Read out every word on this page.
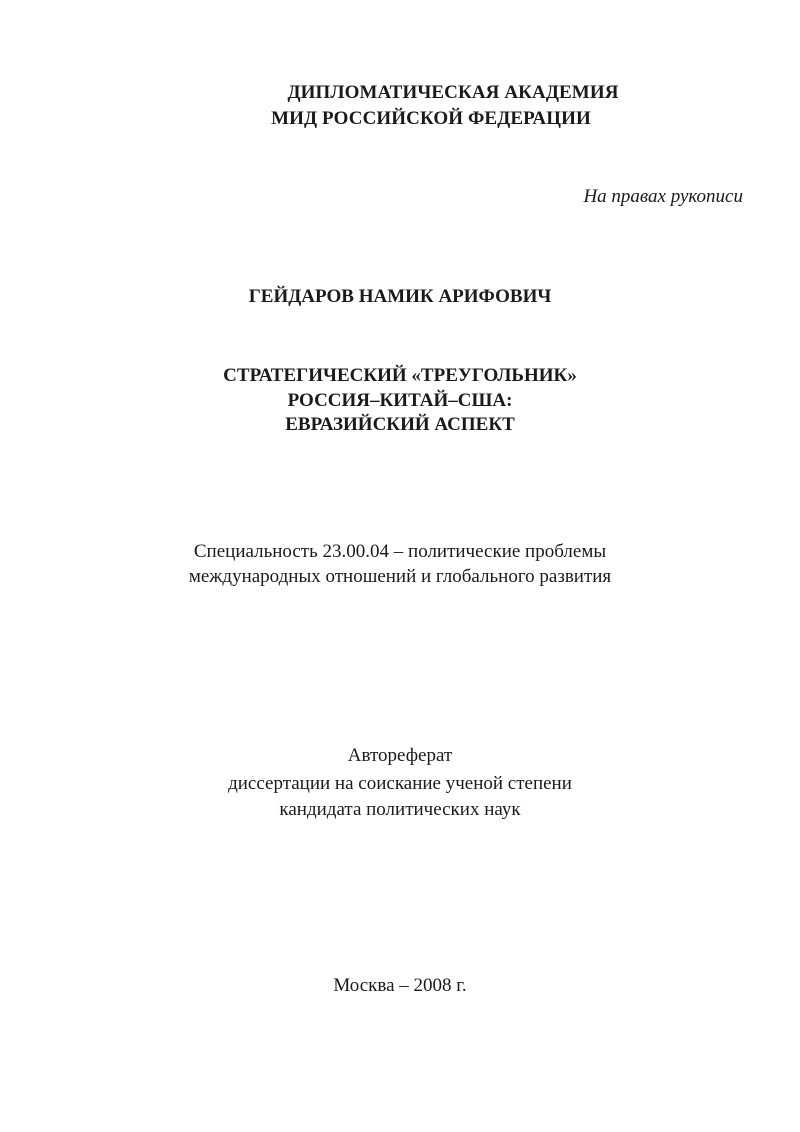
ДИПЛОМАТИЧЕСКАЯ АКАДЕМИЯ
МИД РОССИЙСКОЙ ФЕДЕРАЦИИ
На правах рукописи
ГЕЙДАРОВ НАМИК АРИФОВИЧ
СТРАТЕГИЧЕСКИЙ «ТРЕУГОЛЬНИК»
РОССИЯ–КИТАЙ–США:
ЕВРАЗИЙСКИЙ АСПЕКТ
Специальность 23.00.04 – политические проблемы
международных отношений и глобального развития
Автореферат
диссертации на соискание ученой степени
кандидата политических наук
Москва – 2008 г.
